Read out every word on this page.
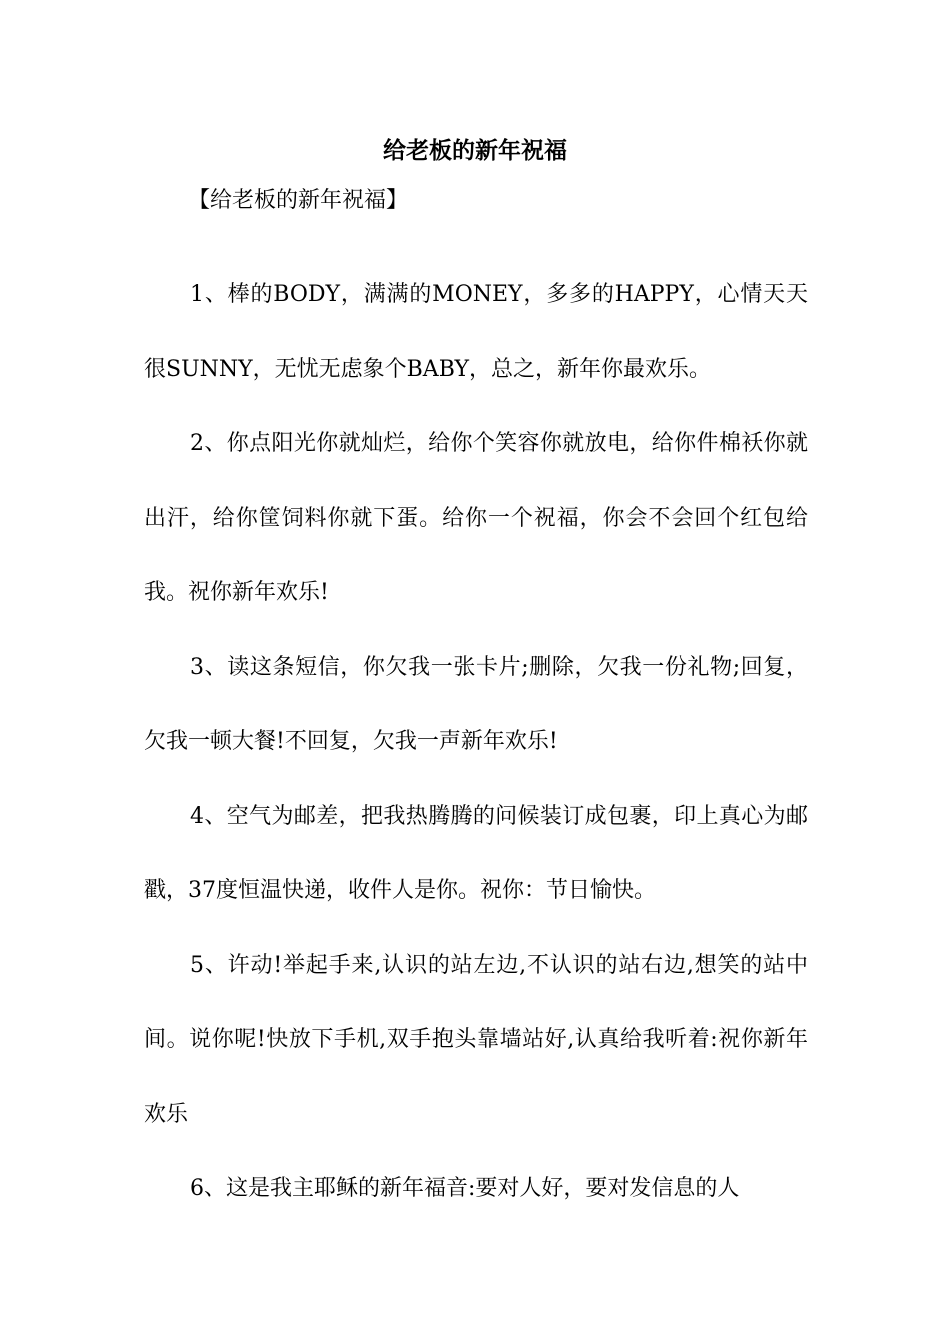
给老板的新年祝福

【给老板的新年祝福】

1、棒的BODY，满满的MONEY，多多的HAPPY，心情天天很SUNNY，无忧无虑象个BABY，总之，新年你最欢乐。

2、你点阳光你就灿烂，给你个笑容你就放电，给你件棉袄你就出汗，给你筐饲料你就下蛋。给你一个祝福，你会不会回个红包给我。祝你新年欢乐!

3、读这条短信，你欠我一张卡片;删除，欠我一份礼物;回复，欠我一顿大餐!不回复，欠我一声新年欢乐!

4、空气为邮差，把我热腾腾的问候装订成包裹，印上真心为邮戳，37度恒温快递，收件人是你。祝你：节日愉快。

5、许动!举起手来,认识的站左边,不认识的站右边,想笑的站中间。说你呢!快放下手机,双手抱头靠墙站好,认真给我听着:祝你新年欢乐

6、这是我主耶稣的新年福音:要对人好，要对发信息的人
